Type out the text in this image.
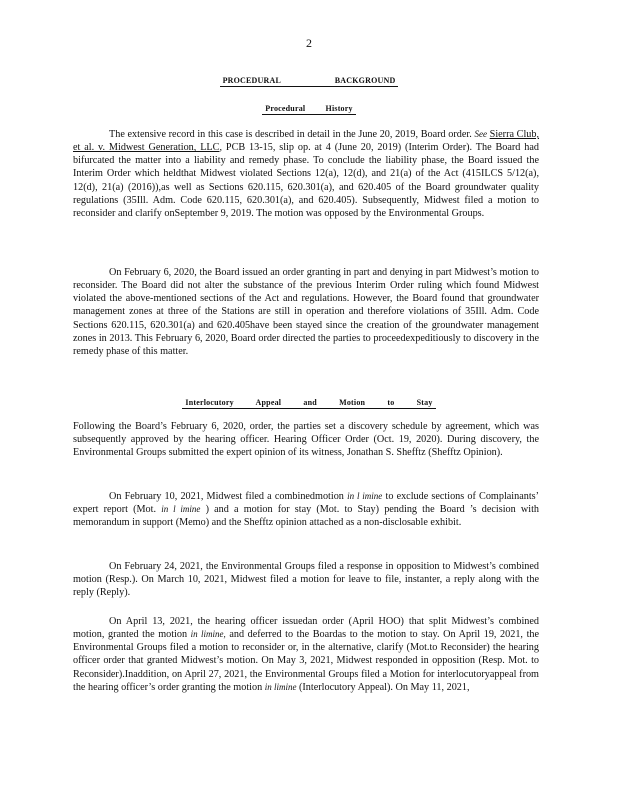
2
PROCEDURAL BACKGROUND
Procedural History

The extensive record in this case is described in detail in the June 20, 2019, Board order. See Sierra Club, et al. v. Midwest Generation, LLC, PCB 13-15, slip op. at 4 (June 20, 2019) (Interim Order). The Board had bifurcated the matter into a liability and remedy phase. To conclude the liability phase, the Board issued the Interim Order which heldthat Midwest violated Sections 12(a), 12(d), and 21(a) of the Act (415ILCS 5/12(a), 12(d), 21(a) (2016)),as well as Sections 620.115, 620.301(a), and 620.405 of the Board groundwater quality regulations (35Ill. Adm. Code 620.115, 620.301(a), and 620.405). Subsequently, Midwest filed a motion to reconsider and clarify onSeptember 9, 2019. The motion was opposed by the Environmental Groups.

On February 6, 2020, the Board issued an order granting in part and denying in part Midwest’s motion to reconsider. The Board did not alter the substance of the previous Interim Order ruling which found Midwest violated the above-mentioned sections of the Act and regulations. However, the Board found that groundwater management zones at three of the Stations are still in operation and therefore violations of 35Ill. Adm. Code Sections 620.115, 620.301(a) and 620.405have been stayed since the creation of the groundwater management zones in 2013. This February 6, 2020, Board order directed the parties to proceedexpeditiously to discovery in the remedy phase of this matter.

Interlocutory Appeal and Motion to Stay

Following the Board’s February 6, 2020, order, the parties set a discovery schedule by agreement, which was subsequently approved by the hearing officer. Hearing Officer Order (Oct. 19, 2020). During discovery, the Environmental Groups submitted the expert opinion of its witness, Jonathan S. Shefftz (Shefftz Opinion).

On February 10, 2021, Midwest filed a combinedmotion in l imine to exclude sections of Complainants’ expert report (Mot. in l imine ) and a motion for stay (Mot. to Stay) pending the Board ’s decision with memorandum in support (Memo) and the Shefftz opinion attached as a non-disclosable exhibit.

On February 24, 2021, the Environmental Groups filed a response in opposition to Midwest’s combined motion (Resp.). On March 10, 2021, Midwest filed a motion for leave to file, instanter, a reply along with the reply (Reply).

On April 13, 2021, the hearing officer issuedan order (April HOO) that split Midwest’s combined motion, granted the motion in limine, and deferred to the Boardas to the motion to stay. On April 19, 2021, the Environmental Groups filed a motion to reconsider or, in the alternative, clarify (Mot.to Reconsider) the hearing officer order that granted Midwest’s motion. On May 3, 2021, Midwest responded in opposition (Resp. Mot. to Reconsider).Inaddition, on April 27, 2021, the Environmental Groups filed a Motion for interlocutoryappeal from the hearing officer’s order granting the motion in limine (Interlocutory Appeal). On May 11, 2021,
